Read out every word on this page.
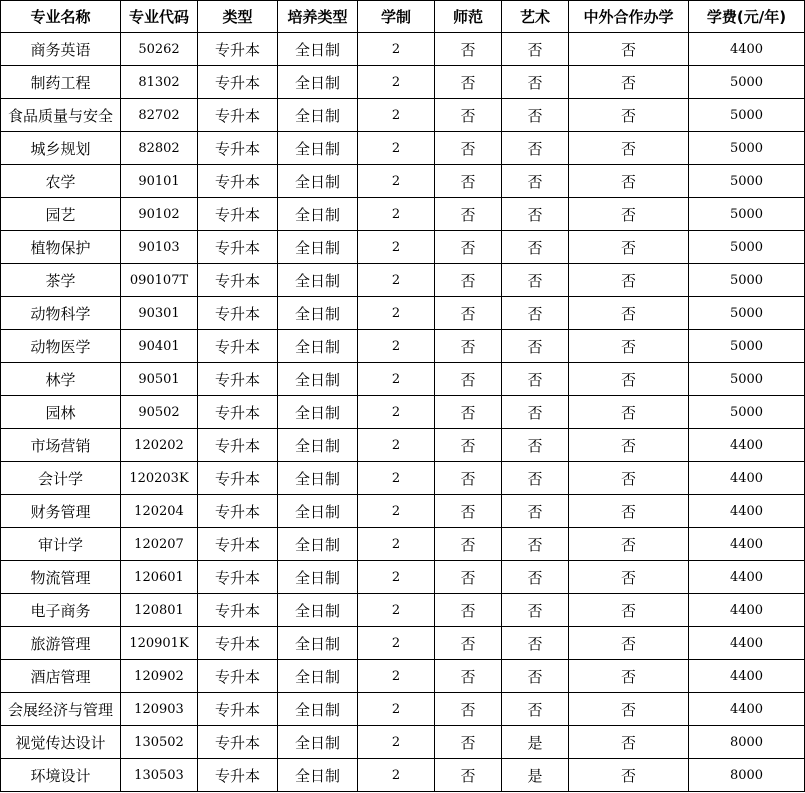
专业名称	专业代码	类型	培养类型	学制	师范	艺术	中外合作办学	学费(元/年)
商务英语	50262	专升本	全日制	2	否	否	否	4400
制药工程	81302	专升本	全日制	2	否	否	否	5000
食品质量与安全	82702	专升本	全日制	2	否	否	否	5000
城乡规划	82802	专升本	全日制	2	否	否	否	5000
农学	90101	专升本	全日制	2	否	否	否	5000
园艺	90102	专升本	全日制	2	否	否	否	5000
植物保护	90103	专升本	全日制	2	否	否	否	5000
茶学	090107T	专升本	全日制	2	否	否	否	5000
动物科学	90301	专升本	全日制	2	否	否	否	5000
动物医学	90401	专升本	全日制	2	否	否	否	5000
林学	90501	专升本	全日制	2	否	否	否	5000
园林	90502	专升本	全日制	2	否	否	否	5000
市场营销	120202	专升本	全日制	2	否	否	否	4400
会计学	120203K	专升本	全日制	2	否	否	否	4400
财务管理	120204	专升本	全日制	2	否	否	否	4400
审计学	120207	专升本	全日制	2	否	否	否	4400
物流管理	120601	专升本	全日制	2	否	否	否	4400
电子商务	120801	专升本	全日制	2	否	否	否	4400
旅游管理	120901K	专升本	全日制	2	否	否	否	4400
酒店管理	120902	专升本	全日制	2	否	否	否	4400
会展经济与管理	120903	专升本	全日制	2	否	否	否	4400
视觉传达设计	130502	专升本	全日制	2	否	是	否	8000
环境设计	130503	专升本	全日制	2	否	是	否	8000
